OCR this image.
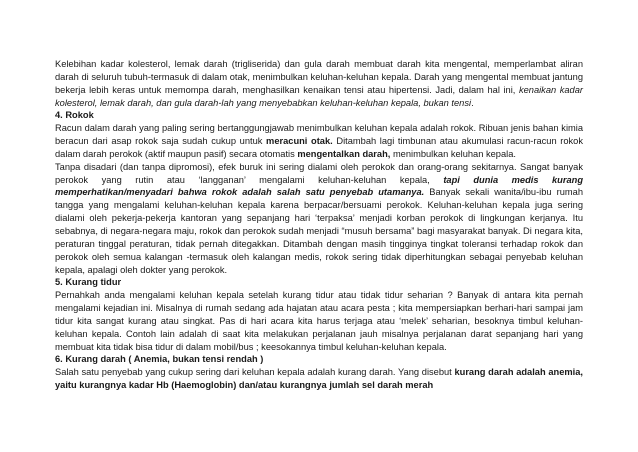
Kelebihan kadar kolesterol, lemak darah (trigliserida) dan gula darah membuat darah kita mengental, memperlambat aliran darah di seluruh tubuh-termasuk di dalam otak, menimbulkan keluhan-keluhan kepala. Darah yang mengental membuat jantung bekerja lebih keras untuk memompa darah, menghasilkan kenaikan tensi atau hipertensi. Jadi, dalam hal ini, kenaikan kadar kolesterol, lemak darah, dan gula darah-lah yang menyebabkan keluhan-keluhan kepala, bukan tensi.

4. Rokok

Racun dalam darah yang paling sering bertanggungjawab menimbulkan keluhan kepala adalah rokok. Ribuan jenis bahan kimia beracun dari asap rokok saja sudah cukup untuk meracuni otak. Ditambah lagi timbunan atau akumulasi racun-racun rokok dalam darah perokok (aktif maupun pasif) secara otomatis mengentalkan darah, menimbulkan keluhan kepala.

Tanpa disadari (dan tanpa dipromosi), efek buruk ini sering dialami oleh perokok dan orang-orang sekitarnya. Sangat banyak perokok yang rutin atau ‘langganan’ mengalami keluhan-keluhan kepala, tapi dunia medis kurang memperhatikan/menyadari bahwa rokok adalah salah satu penyebab utamanya. Banyak sekali wanita/ibu-ibu rumah tangga yang mengalami keluhan-keluhan kepala karena berpacar/bersuami perokok. Keluhan-keluhan kepala juga sering dialami oleh pekerja-pekerja kantoran yang sepanjang hari ‘terpaksa’ menjadi korban perokok di lingkungan kerjanya. Itu sebabnya, di negara-negara maju, rokok dan perokok sudah menjadi “musuh bersama” bagi masyarakat banyak. Di negara kita, peraturan tinggal peraturan, tidak pernah ditegakkan. Ditambah dengan masih tingginya tingkat toleransi terhadap rokok dan perokok oleh semua kalangan -termasuk oleh kalangan medis, rokok sering tidak diperhitungkan sebagai penyebab keluhan kepala, apalagi oleh dokter yang perokok.

5. Kurang tidur

Pernahkah anda mengalami keluhan kepala setelah kurang tidur atau tidak tidur seharian ? Banyak di antara kita pernah mengalami kejadian ini. Misalnya di rumah sedang ada hajatan atau acara pesta ; kita mempersiapkan berhari-hari sampai jam tidur kita sangat kurang atau singkat. Pas di hari acara kita harus terjaga atau ‘melek’ seharian, besoknya timbul keluhan-keluhan kepala. Contoh lain adalah di saat kita melakukan perjalanan jauh misalnya perjalanan darat sepanjang hari yang membuat kita tidak bisa tidur di dalam mobil/bus ; keesokannya timbul keluhan-keluhan kepala.

6. Kurang darah ( Anemia, bukan tensi rendah )

Salah satu penyebab yang cukup sering dari keluhan kepala adalah kurang darah. Yang disebut kurang darah adalah anemia, yaitu kurangnya kadar Hb (Haemoglobin) dan/atau kurangnya jumlah sel darah merah
